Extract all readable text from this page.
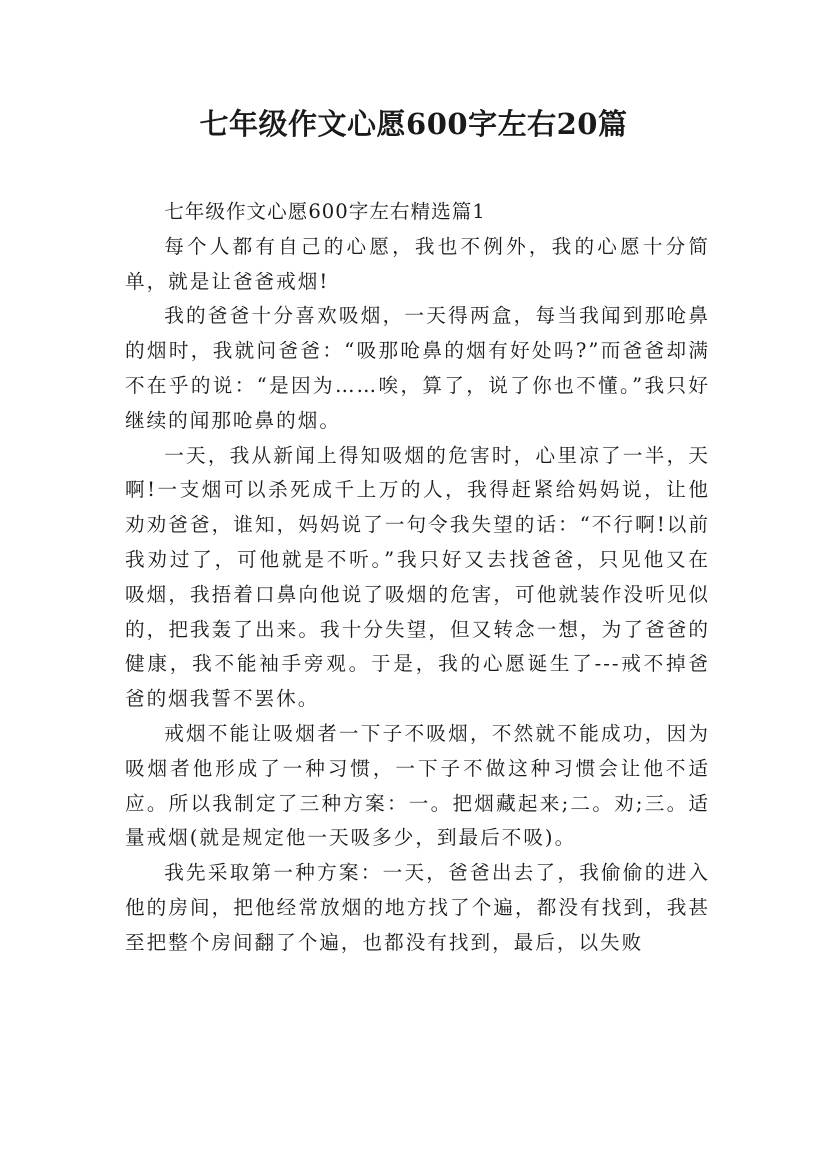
七年级作文心愿600字左右20篇

七年级作文心愿600字左右精选篇1

每个人都有自己的心愿，我也不例外，我的心愿十分简单，就是让爸爸戒烟!

我的爸爸十分喜欢吸烟，一天得两盒，每当我闻到那呛鼻的烟时，我就问爸爸：“吸那呛鼻的烟有好处吗?”而爸爸却满不在乎的说：“是因为……唉，算了，说了你也不懂。”我只好继续的闻那呛鼻的烟。

一天，我从新闻上得知吸烟的危害时，心里凉了一半，天啊!一支烟可以杀死成千上万的人，我得赶紧给妈妈说，让他劝劝爸爸，谁知，妈妈说了一句令我失望的话：“不行啊!以前我劝过了，可他就是不听。”我只好又去找爸爸，只见他又在吸烟，我捂着口鼻向他说了吸烟的危害，可他就装作没听见似的，把我轰了出来。我十分失望，但又转念一想，为了爸爸的健康，我不能袖手旁观。于是，我的心愿诞生了---戒不掉爸爸的烟我誓不罢休。

戒烟不能让吸烟者一下子不吸烟，不然就不能成功，因为吸烟者他形成了一种习惯，一下子不做这种习惯会让他不适应。所以我制定了三种方案：一。把烟藏起来;二。劝;三。适量戒烟(就是规定他一天吸多少，到最后不吸)。

我先采取第一种方案：一天，爸爸出去了，我偷偷的进入他的房间，把他经常放烟的地方找了个遍，都没有找到，我甚至把整个房间翻了个遍，也都没有找到，最后，以失败
